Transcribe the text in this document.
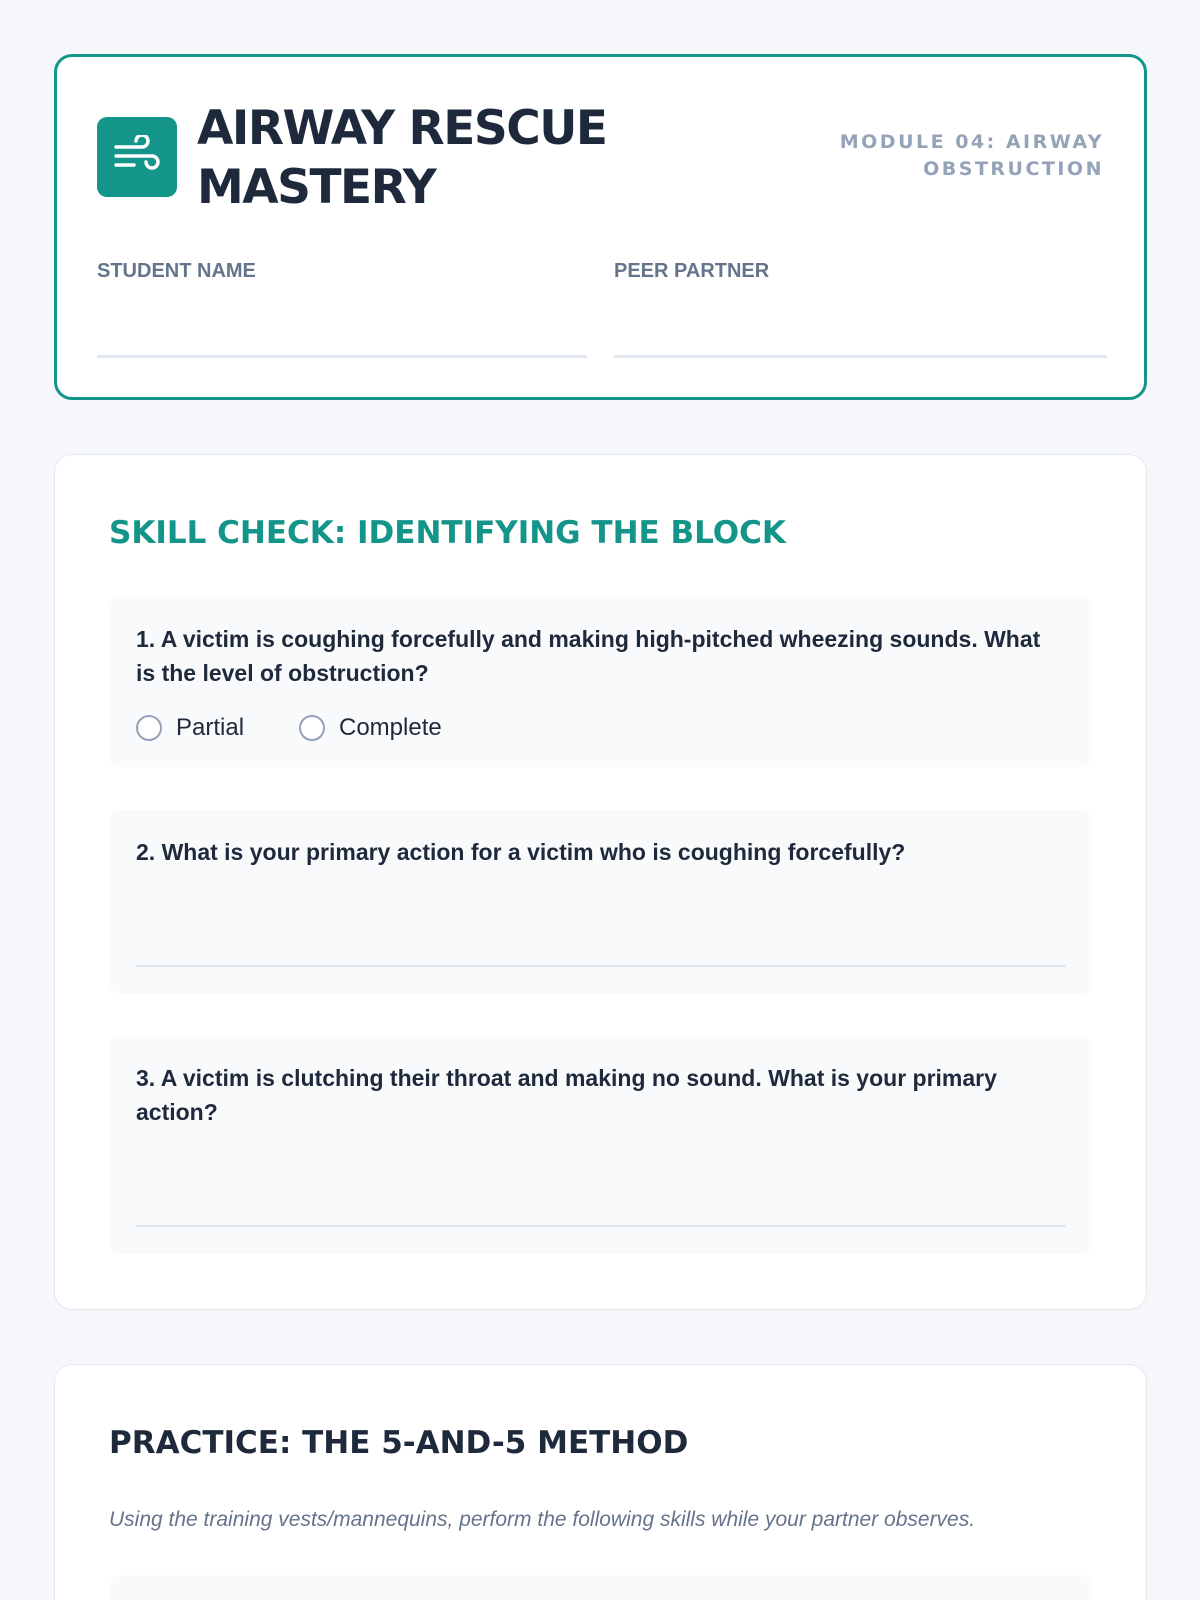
AIRWAY RESCUE MASTERY
MODULE 04: AIRWAY OBSTRUCTION
STUDENT NAME	PEER PARTNER
SKILL CHECK: IDENTIFYING THE BLOCK
1. A victim is coughing forcefully and making high-pitched wheezing sounds. What is the level of obstruction?
Partial	Complete
2. What is your primary action for a victim who is coughing forcefully?
3. A victim is clutching their throat and making no sound. What is your primary action?
PRACTICE: THE 5-AND-5 METHOD
Using the training vests/mannequins, perform the following skills while your partner observes.
